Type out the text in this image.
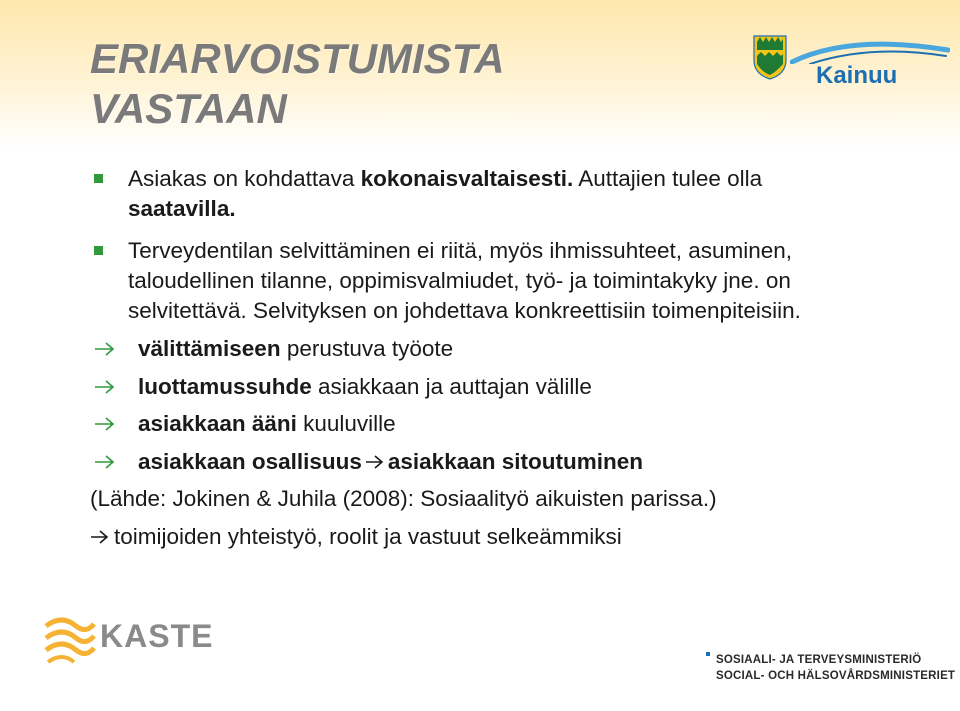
ERIARVOISTUMISTA
VASTAAN
Kainuu
Asiakas on kohdattava kokonaisvaltaisesti. Auttajien tulee olla
saatavilla.
Terveydentilan selvittäminen ei riitä, myös ihmissuhteet, asuminen, taloudellinen tilanne, oppimisvalmiudet, työ- ja toimintakyky jne. on selvitettävä. Selvityksen on johdettava konkreettisiin toimenpiteisiin.
välittämiseen perustuva työote
luottamussuhde asiakkaan ja auttajan välille
asiakkaan ääni kuuluville
asiakkaan osallisuus asiakkaan sitoutuminen
(Lähde: Jokinen & Juhila (2008): Sosiaalityö aikuisten parissa.)
toimijoiden yhteistyö, roolit ja vastuut selkeämmiksi
KASTE
SOSIAALI- JA TERVEYSMINISTERIÖ
SOCIAL- OCH HÄLSOVÅRDSMINISTERIET
